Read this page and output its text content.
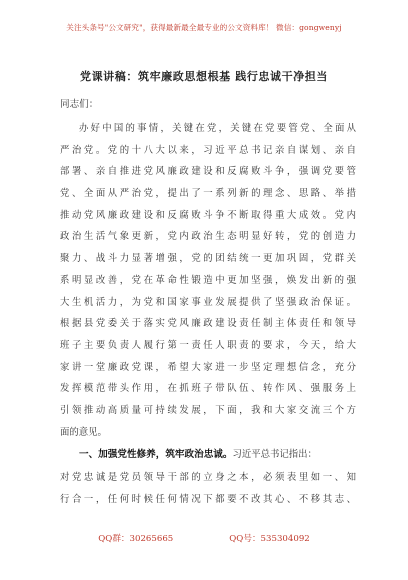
关注头条号"公文研究"，获得最新最全最专业的公文资料库！ 微信：gongwenyj
党课讲稿：筑牢廉政思想根基 践行忠诚干净担当
同志们：
办好中国的事情，关键在党，关键在党要管党、全面从
严治党。党的十八大以来，习近平总书记亲自谋划、亲自
部署、亲自推进党风廉政建设和反腐败斗争，强调党要管
党、全面从严治党，提出了一系列新的理念、思路、举措
推动党风廉政建设和反腐败斗争不断取得重大成效。党内
政治生活气象更新，党内政治生态明显好转，党的创造力
聚力、战斗力显著增强，党的团结统一更加巩固，党群关
系明显改善，党在革命性锻造中更加坚强，焕发出新的强
大生机活力，为党和国家事业发展提供了坚强政治保证。
根据县党委关于落实党风廉政建设责任制主体责任和领导
班子主要负责人履行第一责任人职责的要求，今天，给大
家讲一堂廉政党课，希望大家进一步坚定理想信念，充分
发挥模范带头作用，在抓班子带队伍、转作风、强服务上
引领推动高质量可持续发展，下面，我和大家交流三个方
面的意见。
一、加强党性修养，筑牢政治忠诚。习近平总书记指出：
对党忠诚是党员领导干部的立身之本，必须表里如一、知
行合一，任何时候任何情况下都要不改其心、不移其志、
QQ群：30265665	QQ号：535304092
